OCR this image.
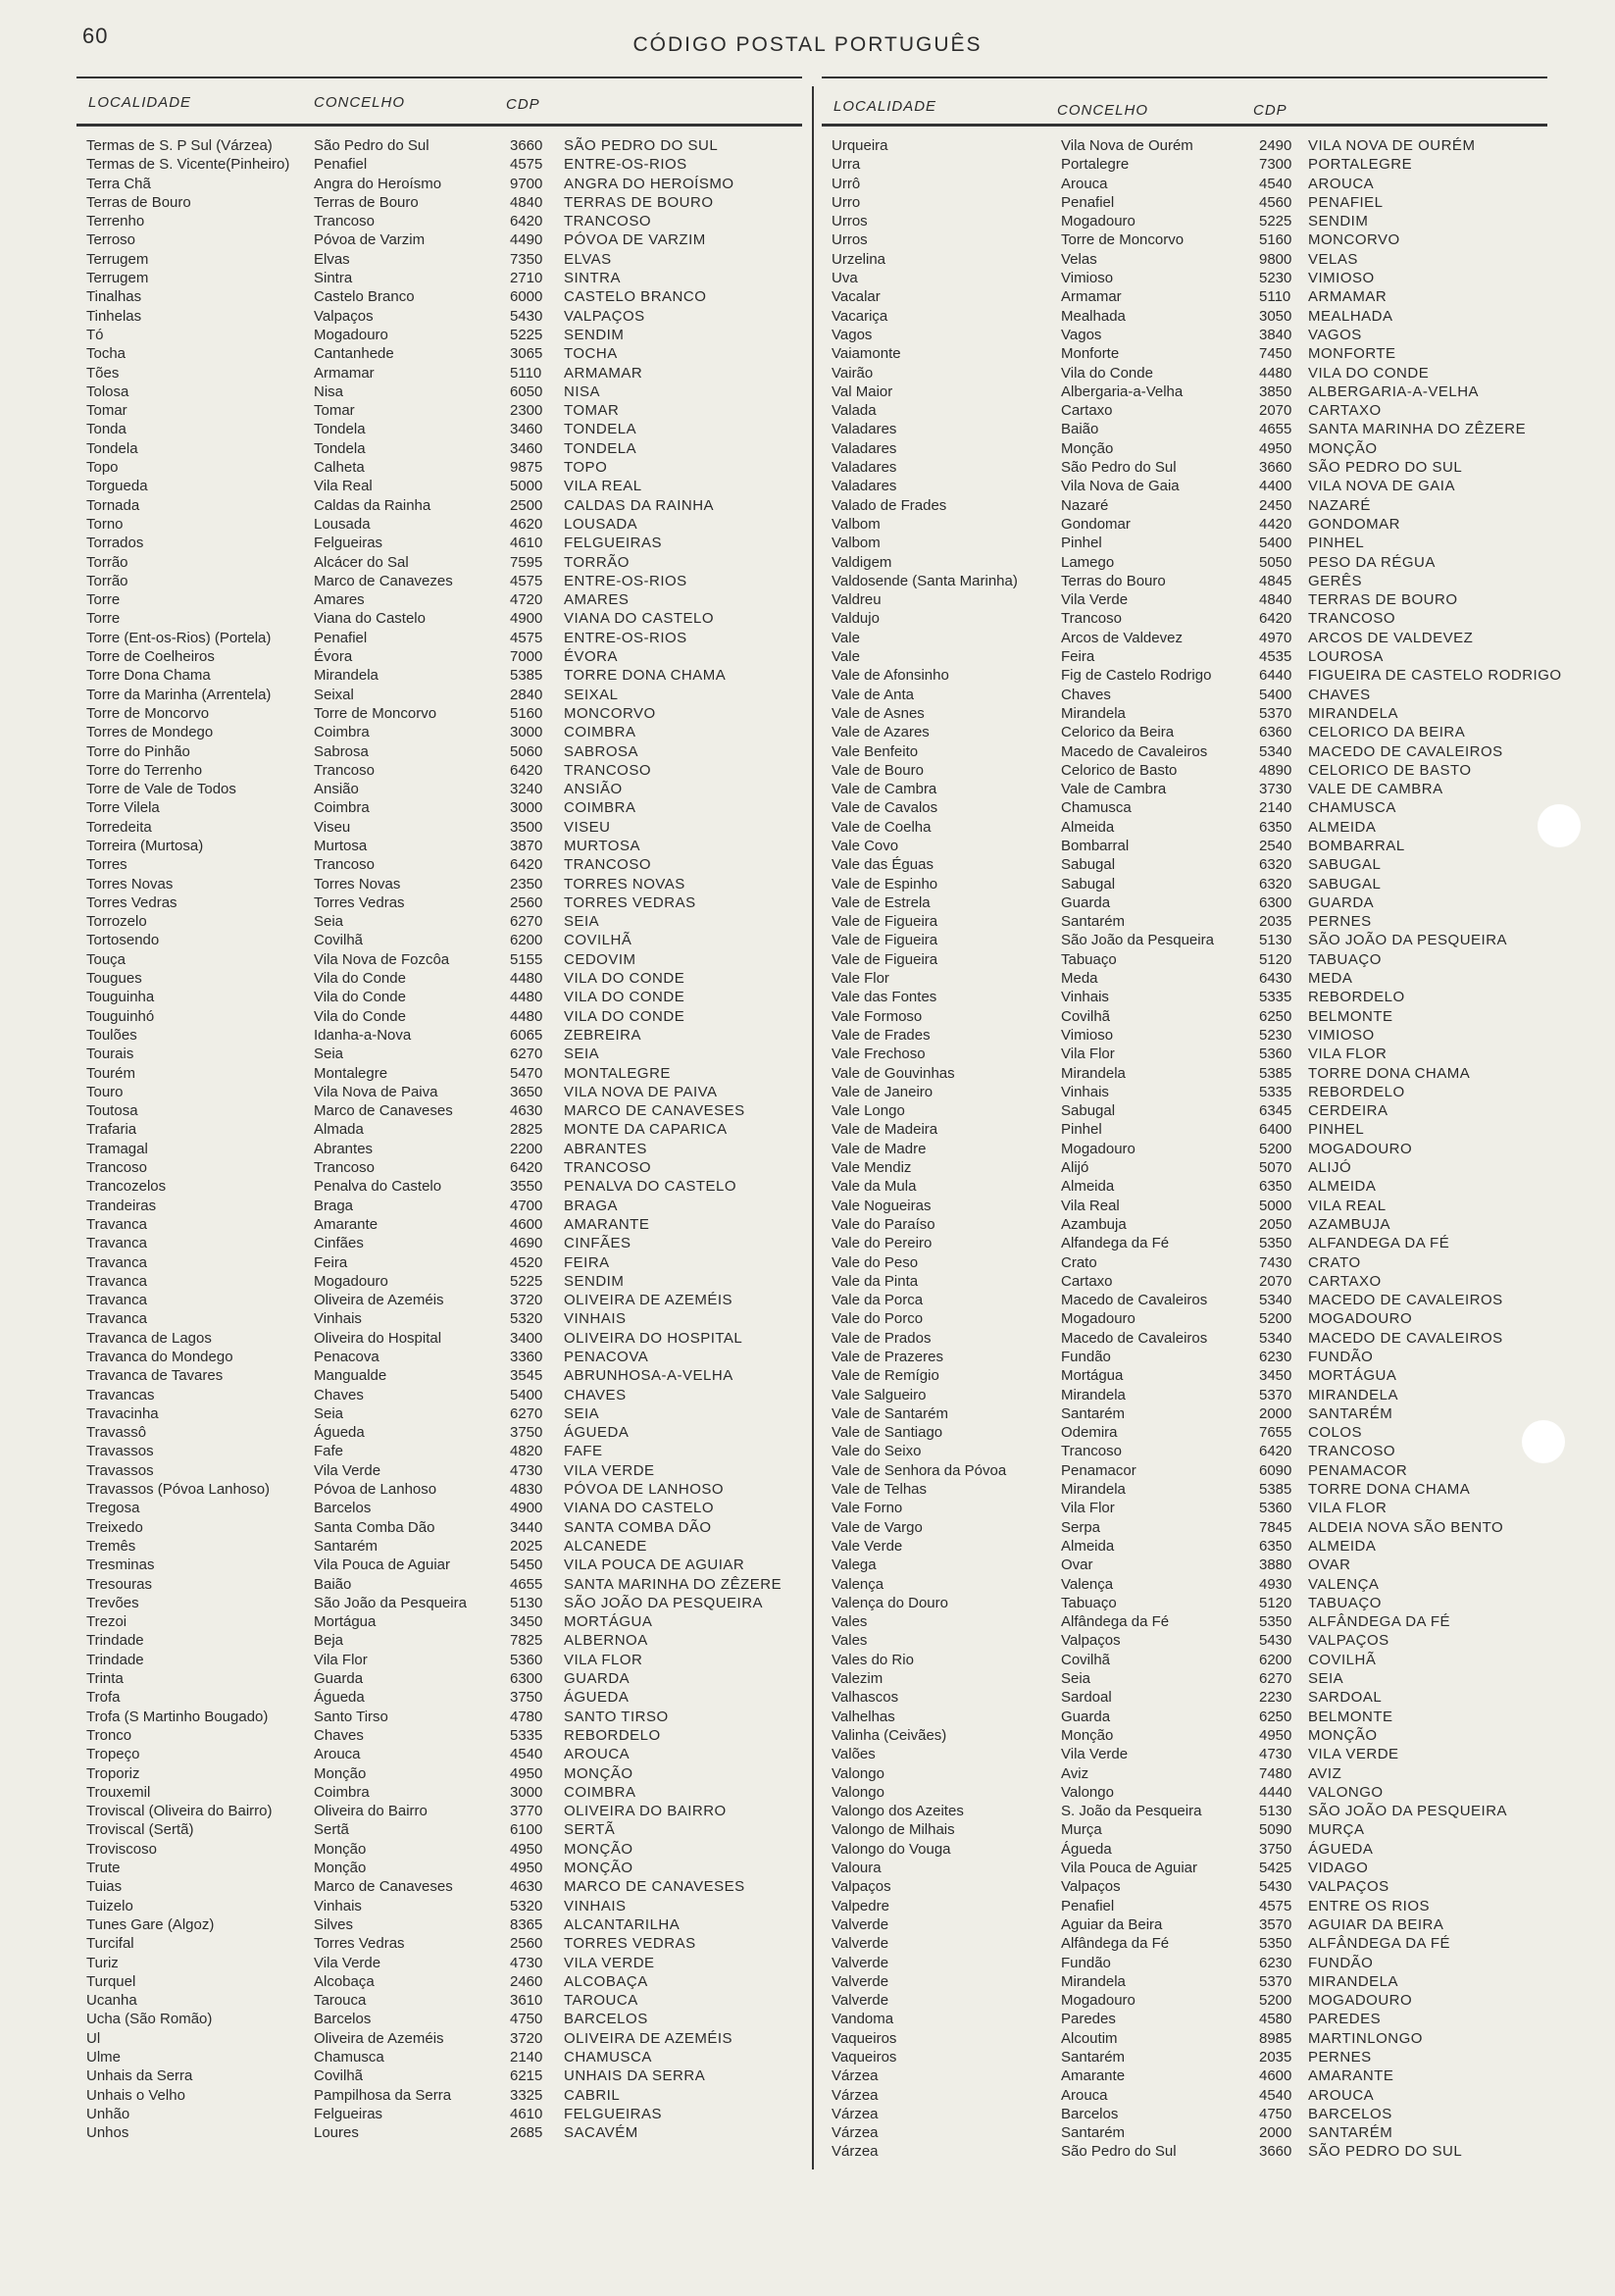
60	CÓDIGO POSTAL PORTUGUÊS
LOCALIDADE	CONCELHO	CDP
Termas de S. P Sul (Várzea)	São Pedro do Sul	3660 SÃO PEDRO DO SUL
Termas de S. Vicente(Pinheiro)	Penafiel	4575 ENTRE-OS-RIOS
Terra Chã	Angra do Heroísmo	9700 ANGRA DO HEROÍSMO
Terras de Bouro	Terras de Bouro	4840 TERRAS DE BOURO
Terrenho	Trancoso	6420 TRANCOSO
Terroso	Póvoa de Varzim	4490 PÓVOA DE VARZIM
Terrugem	Elvas	7350 ELVAS
Terrugem	Sintra	2710 SINTRA
Tinalhas	Castelo Branco	6000 CASTELO BRANCO
Tinhelas	Valpaços	5430 VALPAÇOS
Tó	Mogadouro	5225 SENDIM
Tocha	Cantanhede	3065 TOCHA
Tões	Armamar	5110 ARMAMAR
Tolosa	Nisa	6050 NISA
Tomar	Tomar	2300 TOMAR
Tonda	Tondela	3460 TONDELA
Tondela	Tondela	3460 TONDELA
Topo	Calheta	9875 TOPO
Torgueda	Vila Real	5000 VILA REAL
Tornada	Caldas da Rainha	2500 CALDAS DA RAINHA
Torno	Lousada	4620 LOUSADA
Torrados	Felgueiras	4610 FELGUEIRAS
Torrão	Alcácer do Sal	7595 TORRÃO
Torrão	Marco de Canavezes	4575 ENTRE-OS-RIOS
Torre	Amares	4720 AMARES
Torre	Viana do Castelo	4900 VIANA DO CASTELO
Torre (Ent-os-Rios) (Portela)	Penafiel	4575 ENTRE-OS-RIOS
Torre de Coelheiros	Évora	7000 ÉVORA
Torre Dona Chama	Mirandela	5385 TORRE DONA CHAMA
Torre da Marinha (Arrentela)	Seixal	2840 SEIXAL
Torre de Moncorvo	Torre de Moncorvo	5160 MONCORVO
Torres de Mondego	Coimbra	3000 COIMBRA
Torre do Pinhão	Sabrosa	5060 SABROSA
Torre do Terrenho	Trancoso	6420 TRANCOSO
Torre de Vale de Todos	Ansião	3240 ANSIÃO
Torre Vilela	Coimbra	3000 COIMBRA
Torredeita	Viseu	3500 VISEU
Torreira (Murtosa)	Murtosa	3870 MURTOSA
Torres	Trancoso	6420 TRANCOSO
Torres Novas	Torres Novas	2350 TORRES NOVAS
Torres Vedras	Torres Vedras	2560 TORRES VEDRAS
Torrozelo	Seia	6270 SEIA
Tortosendo	Covilhã	6200 COVILHÃ
Touça	Vila Nova de Fozcôa	5155 CEDOVIM
Tougues	Vila do Conde	4480 VILA DO CONDE
Touguinha	Vila do Conde	4480 VILA DO CONDE
Touguinhó	Vila do Conde	4480 VILA DO CONDE
Toulões	Idanha-a-Nova	6065 ZEBREIRA
Tourais	Seia	6270 SEIA
Tourém	Montalegre	5470 MONTALEGRE
Touro	Vila Nova de Paiva	3650 VILA NOVA DE PAIVA
Toutosa	Marco de Canaveses	4630 MARCO DE CANAVESES
Trafaria	Almada	2825 MONTE DA CAPARICA
Tramagal	Abrantes	2200 ABRANTES
Trancoso	Trancoso	6420 TRANCOSO
Trancozelos	Penalva do Castelo	3550 PENALVA DO CASTELO
Trandeiras	Braga	4700 BRAGA
Travanca	Amarante	4600 AMARANTE
Travanca	Cinfães	4690 CINFÃES
Travanca	Feira	4520 FEIRA
Travanca	Mogadouro	5225 SENDIM
Travanca	Oliveira de Azeméis	3720 OLIVEIRA DE AZEMÉIS
Travanca	Vinhais	5320 VINHAIS
Travanca de Lagos	Oliveira do Hospital	3400 OLIVEIRA DO HOSPITAL
Travanca do Mondego	Penacova	3360 PENACOVA
Travanca de Tavares	Mangualde	3545 ABRUNHOSA-A-VELHA
Travancas	Chaves	5400 CHAVES
Travacinha	Seia	6270 SEIA
Travassô	Águeda	3750 ÁGUEDA
Travassos	Fafe	4820 FAFE
Travassos	Vila Verde	4730 VILA VERDE
Travassos (Póvoa Lanhoso)	Póvoa de Lanhoso	4830 PÓVOA DE LANHOSO
Tregosa	Barcelos	4900 VIANA DO CASTELO
Treixedo	Santa Comba Dão	3440 SANTA COMBA DÃO
Tremês	Santarém	2025 ALCANEDE
Tresminas	Vila Pouca de Aguiar	5450 VILA POUCA DE AGUIAR
Tresouras	Baião	4655 SANTA MARINHA DO ZÊZERE
Trevões	São João da Pesqueira	5130 SÃO JOÃO DA PESQUEIRA
Trezoi	Mortágua	3450 MORTÁGUA
Trindade	Beja	7825 ALBERNOA
Trindade	Vila Flor	5360 VILA FLOR
Trinta	Guarda	6300 GUARDA
Trofa	Águeda	3750 ÁGUEDA
Trofa (S Martinho Bougado)	Santo Tirso	4780 SANTO TIRSO
Tronco	Chaves	5335 REBORDELO
Tropeço	Arouca	4540 AROUCA
Troporiz	Monção	4950 MONÇÃO
Trouxemil	Coimbra	3000 COIMBRA
Troviscal (Oliveira do Bairro)	Oliveira do Bairro	3770 OLIVEIRA DO BAIRRO
Troviscal (Sertã)	Sertã	6100 SERTÃ
Troviscoso	Monção	4950 MONÇÃO
Trute	Monção	4950 MONÇÃO
Tuias	Marco de Canaveses	4630 MARCO DE CANAVESES
Tuizelo	Vinhais	5320 VINHAIS
Tunes Gare (Algoz)	Silves	8365 ALCANTARILHA
Turcifal	Torres Vedras	2560 TORRES VEDRAS
Turiz	Vila Verde	4730 VILA VERDE
Turquel	Alcobaça	2460 ALCOBAÇA
Ucanha	Tarouca	3610 TAROUCA
Ucha (São Romão)	Barcelos	4750 BARCELOS
Ul	Oliveira de Azeméis	3720 OLIVEIRA DE AZEMÉIS
Ulme	Chamusca	2140 CHAMUSCA
Unhais da Serra	Covilhã	6215 UNHAIS DA SERRA
Unhais o Velho	Pampilhosa da Serra	3325 CABRIL
Unhão	Felgueiras	4610 FELGUEIRAS
Unhos	Loures	2685 SACAVÉM
LOCALIDADE	CONCELHO	CDP
Urqueira	Vila Nova de Ourém	2490 VILA NOVA DE OURÉM
Urra	Portalegre	7300 PORTALEGRE
Urrô	Arouca	4540 AROUCA
Urro	Penafiel	4560 PENAFIEL
Urros	Mogadouro	5225 SENDIM
Urros	Torre de Moncorvo	5160 MONCORVO
Urzelina	Velas	9800 VELAS
Uva	Vimioso	5230 VIMIOSO
Vacalar	Armamar	5110 ARMAMAR
Vacariça	Mealhada	3050 MEALHADA
Vagos	Vagos	3840 VAGOS
Vaiamonte	Monforte	7450 MONFORTE
Vairão	Vila do Conde	4480 VILA DO CONDE
Val Maior	Albergaria-a-Velha	3850 ALBERGARIA-A-VELHA
Valada	Cartaxo	2070 CARTAXO
Valadares	Baião	4655 SANTA MARINHA DO ZÊZERE
Valadares	Monção	4950 MONÇÃO
Valadares	São Pedro do Sul	3660 SÃO PEDRO DO SUL
Valadares	Vila Nova de Gaia	4400 VILA NOVA DE GAIA
Valado de Frades	Nazaré	2450 NAZARÉ
Valbom	Gondomar	4420 GONDOMAR
Valbom	Pinhel	5400 PINHEL
Valdigem	Lamego	5050 PESO DA RÉGUA
Valdosende (Santa Marinha)	Terras do Bouro	4845 GERÊS
Valdreu	Vila Verde	4840 TERRAS DE BOURO
Valdujo	Trancoso	6420 TRANCOSO
Vale	Arcos de Valdevez	4970 ARCOS DE VALDEVEZ
Vale	Feira	4535 LOUROSA
Vale de Afonsinho	Fig de Castelo Rodrigo	6440 FIGUEIRA DE CASTELO RODRIGO
Vale de Anta	Chaves	5400 CHAVES
Vale de Asnes	Mirandela	5370 MIRANDELA
Vale de Azares	Celorico da Beira	6360 CELORICO DA BEIRA
Vale Benfeito	Macedo de Cavaleiros	5340 MACEDO DE CAVALEIROS
Vale de Bouro	Celorico de Basto	4890 CELORICO DE BASTO
Vale de Cambra	Vale de Cambra	3730 VALE DE CAMBRA
Vale de Cavalos	Chamusca	2140 CHAMUSCA
Vale de Coelha	Almeida	6350 ALMEIDA
Vale Covo	Bombarral	2540 BOMBARRAL
Vale das Éguas	Sabugal	6320 SABUGAL
Vale de Espinho	Sabugal	6320 SABUGAL
Vale de Estrela	Guarda	6300 GUARDA
Vale de Figueira	Santarém	2035 PERNES
Vale de Figueira	São João da Pesqueira	5130 SÃO JOÃO DA PESQUEIRA
Vale de Figueira	Tabuaço	5120 TABUAÇO
Vale Flor	Meda	6430 MEDA
Vale das Fontes	Vinhais	5335 REBORDELO
Vale Formoso	Covilhã	6250 BELMONTE
Vale de Frades	Vimioso	5230 VIMIOSO
Vale Frechoso	Vila Flor	5360 VILA FLOR
Vale de Gouvinhas	Mirandela	5385 TORRE DONA CHAMA
Vale de Janeiro	Vinhais	5335 REBORDELO
Vale Longo	Sabugal	6345 CERDEIRA
Vale de Madeira	Pinhel	6400 PINHEL
Vale de Madre	Mogadouro	5200 MOGADOURO
Vale Mendiz	Alijó	5070 ALIJÓ
Vale da Mula	Almeida	6350 ALMEIDA
Vale Nogueiras	Vila Real	5000 VILA REAL
Vale do Paraíso	Azambuja	2050 AZAMBUJA
Vale do Pereiro	Alfandega da Fé	5350 ALFANDEGA DA FÉ
Vale do Peso	Crato	7430 CRATO
Vale da Pinta	Cartaxo	2070 CARTAXO
Vale da Porca	Macedo de Cavaleiros	5340 MACEDO DE CAVALEIROS
Vale do Porco	Mogadouro	5200 MOGADOURO
Vale de Prados	Macedo de Cavaleiros	5340 MACEDO DE CAVALEIROS
Vale de Prazeres	Fundão	6230 FUNDÃO
Vale de Remígio	Mortágua	3450 MORTÁGUA
Vale Salgueiro	Mirandela	5370 MIRANDELA
Vale de Santarém	Santarém	2000 SANTARÉM
Vale de Santiago	Odemira	7655 COLOS
Vale do Seixo	Trancoso	6420 TRANCOSO
Vale de Senhora da Póvoa	Penamacor	6090 PENAMACOR
Vale de Telhas	Mirandela	5385 TORRE DONA CHAMA
Vale Forno	Vila Flor	5360 VILA FLOR
Vale de Vargo	Serpa	7845 ALDEIA NOVA SÃO BENTO
Vale Verde	Almeida	6350 ALMEIDA
Valega	Ovar	3880 OVAR
Valença	Valença	4930 VALENÇA
Valença do Douro	Tabuaço	5120 TABUAÇO
Vales	Alfândega da Fé	5350 ALFÂNDEGA DA FÉ
Vales	Valpaços	5430 VALPAÇOS
Vales do Rio	Covilhã	6200 COVILHÃ
Valezim	Seia	6270 SEIA
Valhascos	Sardoal	2230 SARDOAL
Valhelhas	Guarda	6250 BELMONTE
Valinha (Ceivães)	Monção	4950 MONÇÃO
Valões	Vila Verde	4730 VILA VERDE
Valongo	Aviz	7480 AVIZ
Valongo	Valongo	4440 VALONGO
Valongo dos Azeites	S. João da Pesqueira	5130 SÃO JOÃO DA PESQUEIRA
Valongo de Milhais	Murça	5090 MURÇA
Valongo do Vouga	Águeda	3750 ÁGUEDA
Valoura	Vila Pouca de Aguiar	5425 VIDAGO
Valpaços	Valpaços	5430 VALPAÇOS
Valpedre	Penafiel	4575 ENTRE OS RIOS
Valverde	Aguiar da Beira	3570 AGUIAR DA BEIRA
Valverde	Alfândega da Fé	5350 ALFÂNDEGA DA FÉ
Valverde	Fundão	6230 FUNDÃO
Valverde	Mirandela	5370 MIRANDELA
Valverde	Mogadouro	5200 MOGADOURO
Vandoma	Paredes	4580 PAREDES
Vaqueiros	Alcoutim	8985 MARTINLONGO
Vaqueiros	Santarém	2035 PERNES
Várzea	Amarante	4600 AMARANTE
Várzea	Arouca	4540 AROUCA
Várzea	Barcelos	4750 BARCELOS
Várzea	Santarém	2000 SANTARÉM
Várzea	São Pedro do Sul	3660 SÃO PEDRO DO SUL
